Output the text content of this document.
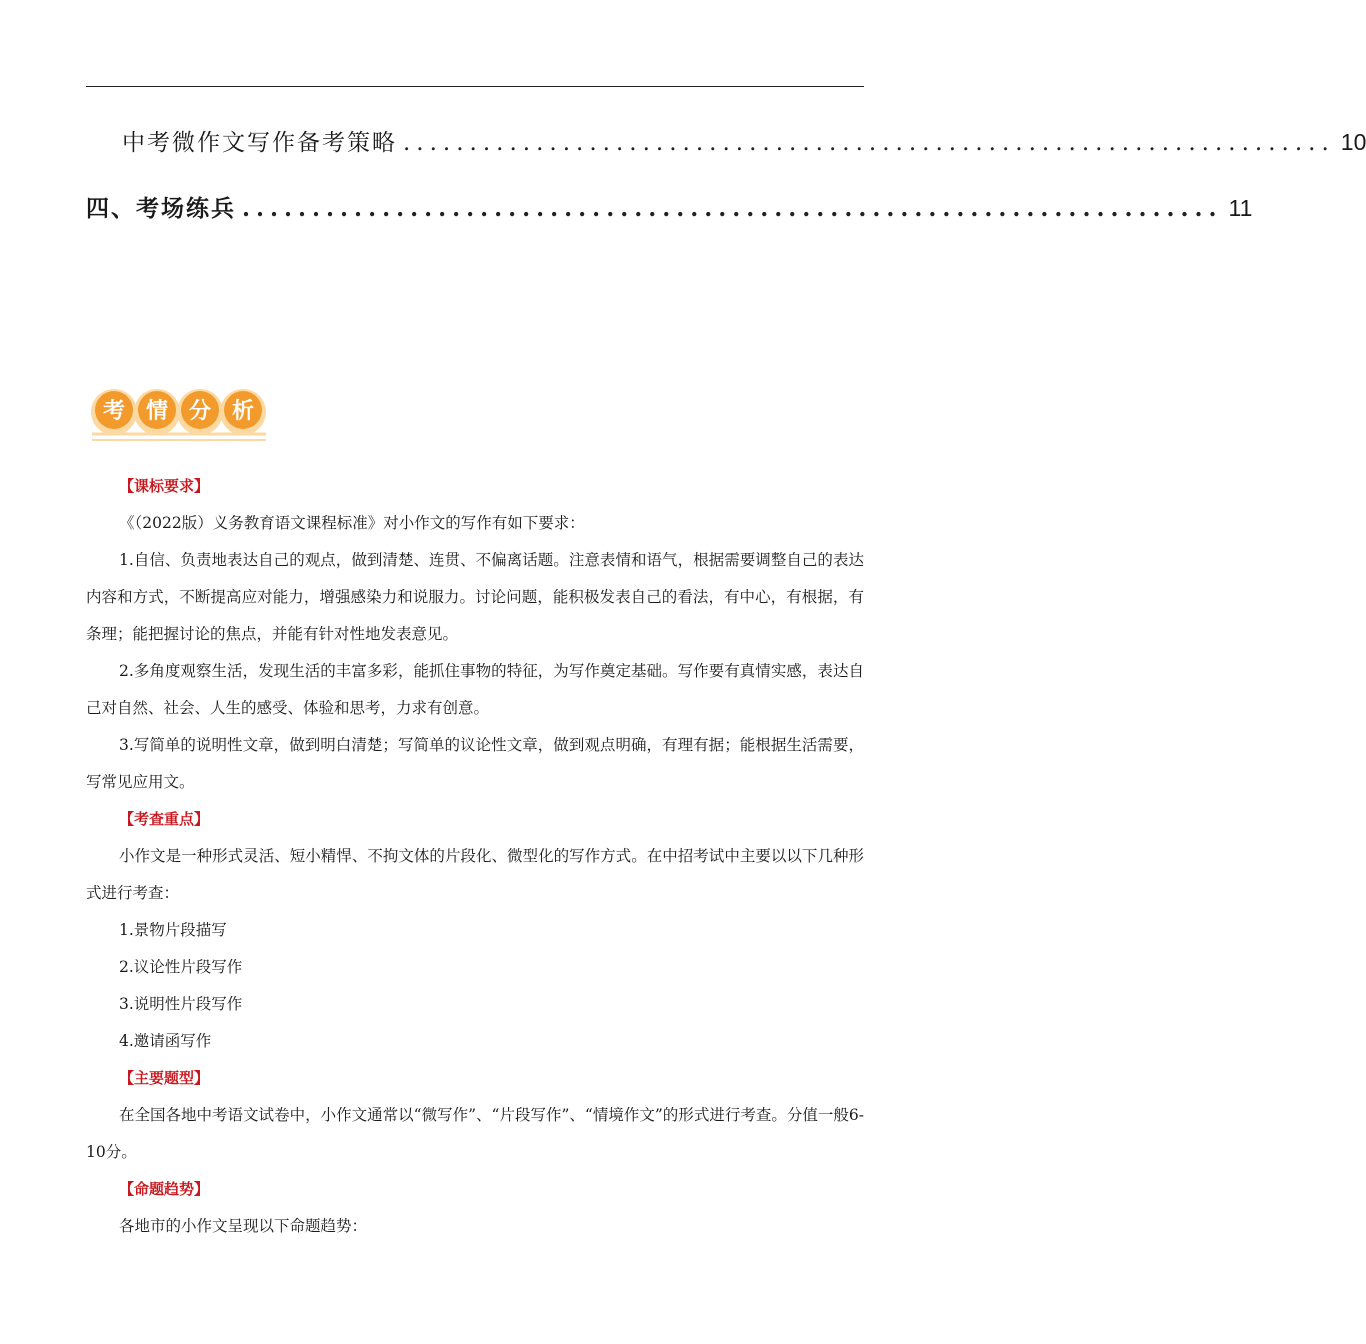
中考微作文写作备考策略 ...................................................................... 10
四、考场练兵 ...................................................................... 11
考 情 分 析

【课标要求】

《（2022版）义务教育语文课程标准》对小作文的写作有如下要求：

1.自信、负责地表达自己的观点，做到清楚、连贯、不偏离话题。注意表情和语气，根据需要调整自己的表达内容和方式，不断提高应对能力，增强感染力和说服力。讨论问题，能积极发表自己的看法，有中心，有根据，有条理；能把握讨论的焦点，并能有针对性地发表意见。

2.多角度观察生活，发现生活的丰富多彩，能抓住事物的特征，为写作奠定基础。写作要有真情实感，表达自己对自然、社会、人生的感受、体验和思考，力求有创意。

3.写简单的说明性文章，做到明白清楚；写简单的议论性文章，做到观点明确，有理有据；能根据生活需要，写常见应用文。

【考查重点】

小作文是一种形式灵活、短小精悍、不拘文体的片段化、微型化的写作方式。在中招考试中主要以以下几种形式进行考查：

1.景物片段描写

2.议论性片段写作

3.说明性片段写作

4.邀请函写作

【主要题型】

在全国各地中考语文试卷中，小作文通常以“微写作”、“片段写作”、“情境作文”的形式进行考查。分值一般6-10分。

【命题趋势】

各地市的小作文呈现以下命题趋势：
